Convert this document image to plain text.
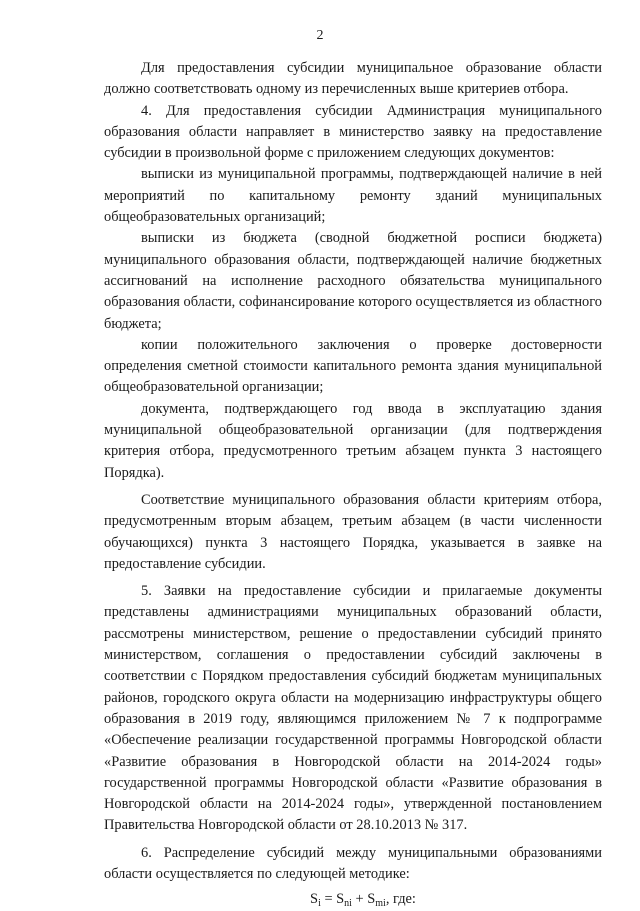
2

Для предоставления субсидии муниципальное образование области должно соответствовать одному из перечисленных выше критериев отбора.

4. Для предоставления субсидии Администрация муниципального образования области направляет в министерство заявку на предоставление субсидии в произвольной форме с приложением следующих документов:

выписки из муниципальной программы, подтверждающей наличие в ней мероприятий по капитальному ремонту зданий муниципальных общеобразовательных организаций;

выписки из бюджета (сводной бюджетной росписи бюджета) муниципального образования области, подтверждающей наличие бюджетных ассигнований на исполнение расходного обязательства муниципального образования области, софинансирование которого осуществляется из областного бюджета;

копии положительного заключения о проверке достоверности определения сметной стоимости капитального ремонта здания муниципальной общеобразовательной организации;

документа, подтверждающего год ввода в эксплуатацию здания муниципальной общеобразовательной организации (для подтверждения критерия отбора, предусмотренного третьим абзацем пункта 3 настоящего Порядка).

Соответствие муниципального образования области критериям отбора, предусмотренным вторым абзацем, третьим абзацем (в части численности обучающихся) пункта 3 настоящего Порядка, указывается в заявке на предоставление субсидии.

5. Заявки на предоставление субсидии и прилагаемые документы представлены администрациями муниципальных образований области, рассмотрены министерством, решение о предоставлении субсидий принято министерством, соглашения о предоставлении субсидий заключены в соответствии с Порядком предоставления субсидий бюджетам муниципальных районов, городского округа области на модернизацию инфраструктуры общего образования в 2019 году, являющимся приложением № 7 к подпрограмме «Обеспечение реализации государственной программы Новгородской области «Развитие образования в Новгородской области на 2014-2024 годы» государственной программы Новгородской области «Развитие образования в Новгородской области на 2014-2024 годы», утвержденной постановлением Правительства Новгородской области от 28.10.2013 № 317.

6. Распределение субсидий между муниципальными образованиями области осуществляется по следующей методике:

$S_i = S_{ni} + S_{mi}$, где:
